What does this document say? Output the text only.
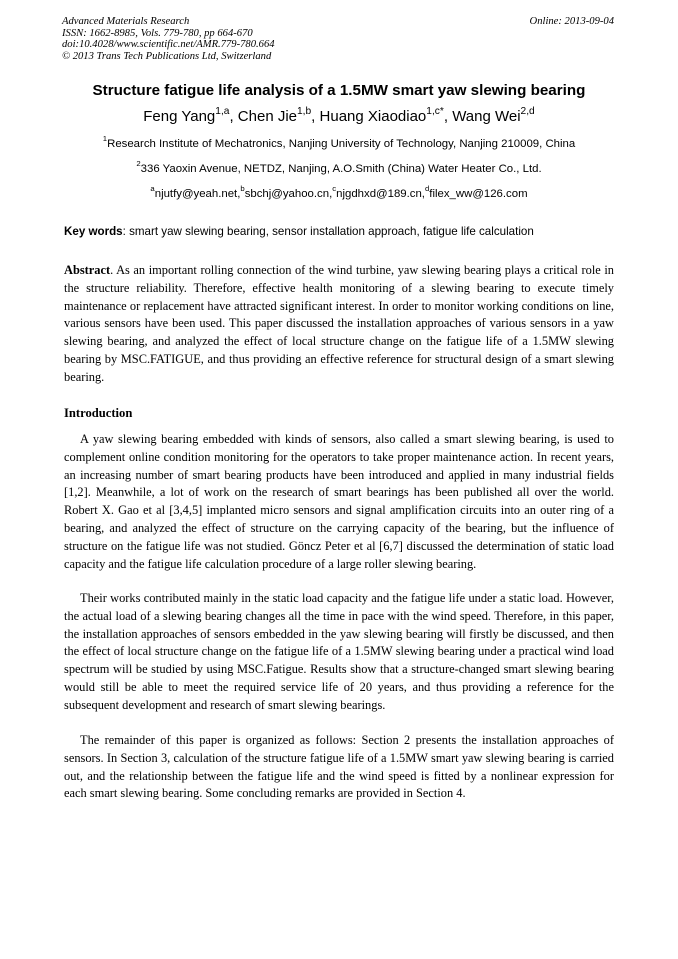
Advanced Materials Research
ISSN: 1662-8985, Vols. 779-780, pp 664-670
doi:10.4028/www.scientific.net/AMR.779-780.664
© 2013 Trans Tech Publications Ltd, Switzerland
Online: 2013-09-04
Structure fatigue life analysis of a 1.5MW smart yaw slewing bearing
Feng Yang$^{1,a}$, Chen Jie$^{1,b}$, Huang Xiaodiao$^{1,c*}$, Wang Wei$^{2,d}$
$^1$Research Institute of Mechatronics, Nanjing University of Technology, Nanjing 210009, China
$^2$336 Yaoxin Avenue, NETDZ, Nanjing, A.O.Smith (China) Water Heater Co., Ltd.
$^a$njutfy@yeah.net,$^b$sbchj@yahoo.cn,$^c$njgdhxd@189.cn,$^d$filex_ww@126.com
Key words: smart yaw slewing bearing, sensor installation approach, fatigue life calculation
Abstract. As an important rolling connection of the wind turbine, yaw slewing bearing plays a critical role in the structure reliability. Therefore, effective health monitoring of a slewing bearing to execute timely maintenance or replacement have attracted significant interest. In order to monitor working conditions on line, various sensors have been used. This paper discussed the installation approaches of various sensors in a yaw slewing bearing, and analyzed the effect of local structure change on the fatigue life of a 1.5MW slewing bearing by MSC.FATIGUE, and thus providing an effective reference for structural design of a smart slewing bearing.
Introduction
A yaw slewing bearing embedded with kinds of sensors, also called a smart slewing bearing, is used to complement online condition monitoring for the operators to take proper maintenance action. In recent years, an increasing number of smart bearing products have been introduced and applied in many industrial fields [1,2]. Meanwhile, a lot of work on the research of smart bearings has been published all over the world. Robert X. Gao et al [3,4,5] implanted micro sensors and signal amplification circuits into an outer ring of a bearing, and analyzed the effect of structure on the carrying capacity of the bearing, but the influence of structure on the fatigue life was not studied. Göncz Peter et al [6,7] discussed the determination of static load capacity and the fatigue life calculation procedure of a large roller slewing bearing.
Their works contributed mainly in the static load capacity and the fatigue life under a static load. However, the actual load of a slewing bearing changes all the time in pace with the wind speed. Therefore, in this paper, the installation approaches of sensors embedded in the yaw slewing bearing will firstly be discussed, and then the effect of local structure change on the fatigue life of a 1.5MW slewing bearing under a practical wind load spectrum will be studied by using MSC.Fatigue. Results show that a structure-changed smart slewing bearing would still be able to meet the required service life of 20 years, and thus providing a reference for the subsequent development and research of smart slewing bearings.
The remainder of this paper is organized as follows: Section 2 presents the installation approaches of sensors. In Section 3, calculation of the structure fatigue life of a 1.5MW smart yaw slewing bearing is carried out, and the relationship between the fatigue life and the wind speed is fitted by a nonlinear expression for each smart slewing bearing. Some concluding remarks are provided in Section 4.
